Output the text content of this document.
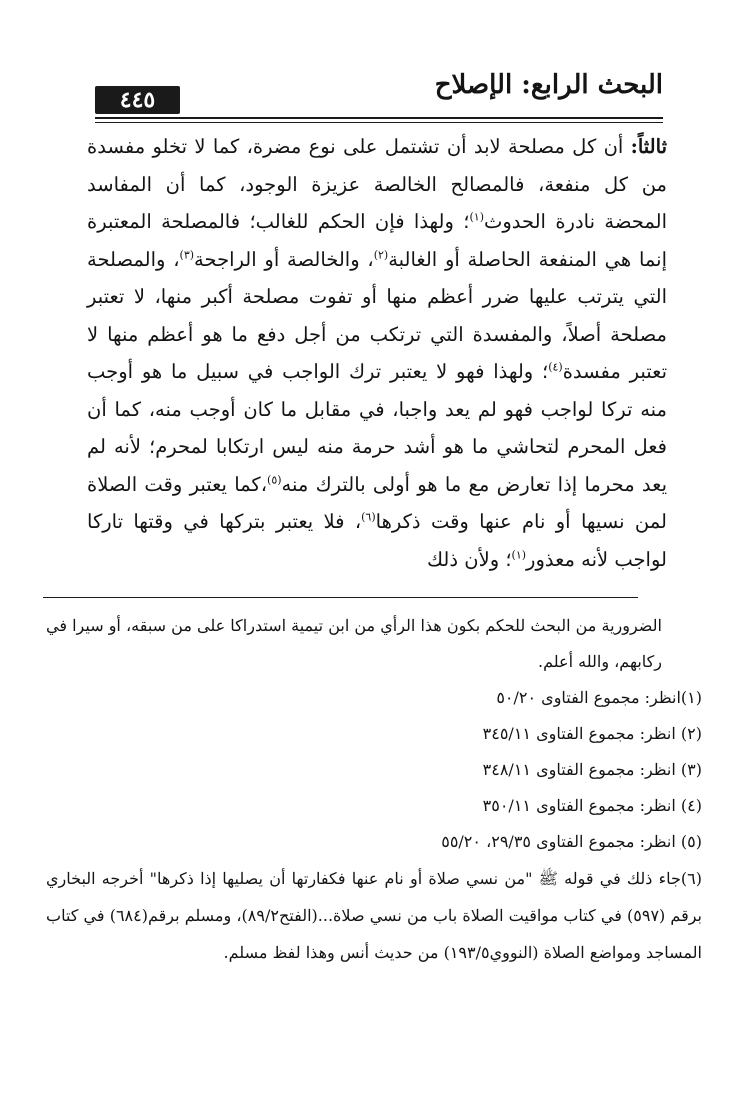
البحث الرابع: الإصلاح
٤٤٥

ثالثاً: أن كل مصلحة لابد أن تشتمل على نوع مضرة، كما لا تخلو مفسدة من كل منفعة، فالمصالح الخالصة عزيزة الوجود، كما أن المفاسد المحضة نادرة الحدوث$^{(١)}$؛ ولهذا فإن الحكم للغالب؛ فالمصلحة المعتبرة إنما هي المنفعة الحاصلة أو الغالبة$^{(٢)}$، والخالصة أو الراجحة$^{(٣)}$، والمصلحة التي يترتب عليها ضرر أعظم منها أو تفوت مصلحة أكبر منها، لا تعتبر مصلحة أصلاً، والمفسدة التي ترتكب من أجل دفع ما هو أعظم منها لا تعتبر مفسدة$^{(٤)}$؛ ولهذا فهو لا يعتبر ترك الواجب في سبيل ما هو أوجب منه تركا لواجب فهو لم يعد واجبا، في مقابل ما كان أوجب منه، كما أن فعل المحرم لتحاشي ما هو أشد حرمة منه ليس ارتكابا لمحرم؛ لأنه لم يعد محرما إذا تعارض مع ما هو أولى بالترك منه$^{(٥)}$،كما يعتبر وقت الصلاة لمن نسيها أو نام عنها وقت ذكرها$^{(٦)}$، فلا يعتبر بتركها في وقتها تاركا لواجب لأنه معذور$^{(١)}$؛ ولأن ذلك

الضرورية من البحث للحكم بكون هذا الرأي من ابن تيمية استدراكا على من سبقه، أو سيرا في ركابهم، والله أعلم.

(١)انظر: مجموع الفتاوى ٥٠/٢٠
(٢) انظر: مجموع الفتاوى ٣٤٥/١١
(٣) انظر: مجموع الفتاوى ٣٤٨/١١
(٤) انظر: مجموع الفتاوى ٣٥٠/١١
(٥) انظر: مجموع الفتاوى ٢٩/٣٥، ٥٥/٢٠
(٦)جاء ذلك في قوله ﷺ "من نسي صلاة أو نام عنها فكفارتها أن يصليها إذا ذكرها" أخرجه البخاري برقم (٥٩٧) في كتاب مواقيت الصلاة باب من نسي صلاة...(الفتح٨٩/٢)، ومسلم برقم(٦٨٤) في كتاب المساجد ومواضع الصلاة (النووي١٩٣/٥) من حديث أنس وهذا لفظ مسلم.
